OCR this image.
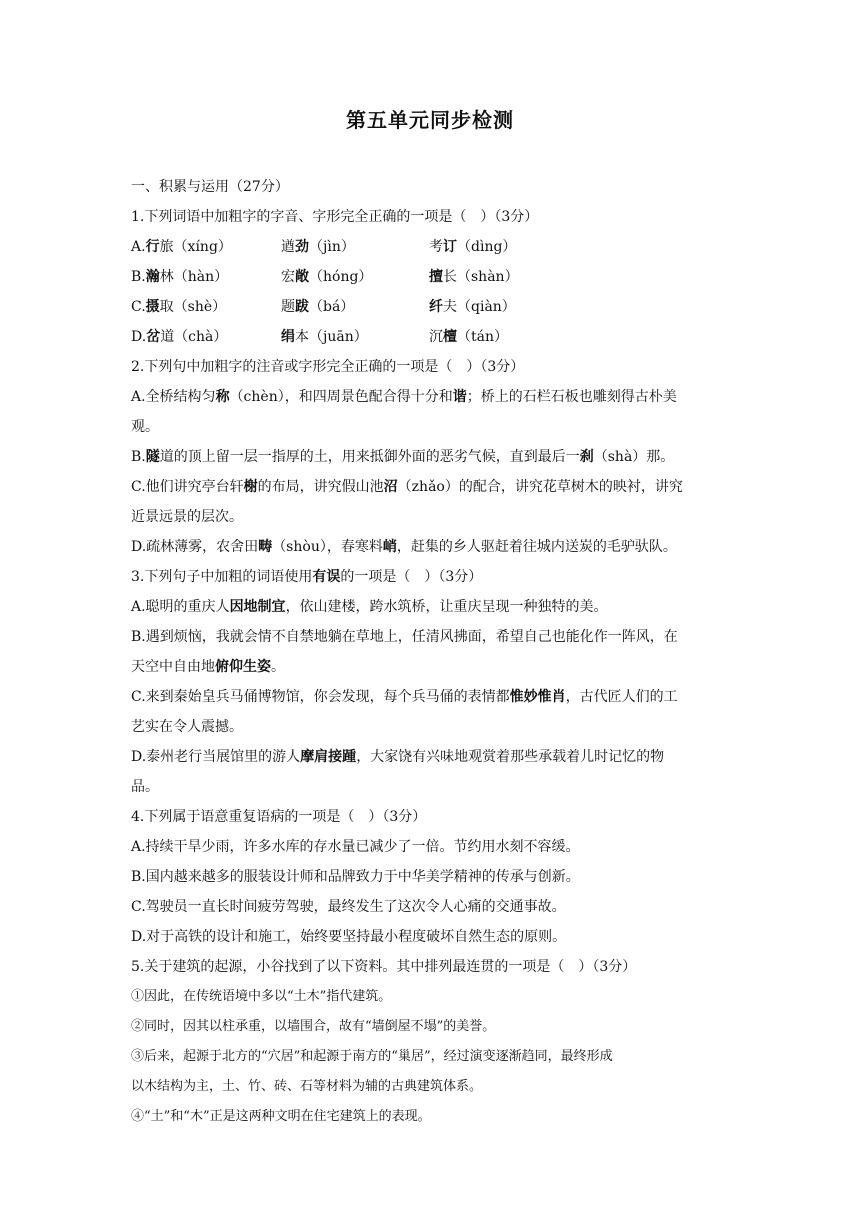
第五单元同步检测
一、积累与运用（27分）
1.下列词语中加粗字的字音、字形完全正确的一项是（　）（3分）
A.行旅（xíng）	遒劲（jìn）	考订（dìng）
B.瀚林（hàn）	宏敞（hóng）	擅长（shàn）
C.摄取（shè）	题跋（bá）	纤夫（qiàn）
D.岔道（chà）	绢本（juān）	沉檀（tán）
2.下列句中加粗字的注音或字形完全正确的一项是（　）（3分）
A.全桥结构匀称（chèn），和四周景色配合得十分和谐；桥上的石栏石板也雕刻得古朴美
观。
B.隧道的顶上留一层一指厚的土，用来抵御外面的恶劣气候，直到最后一刹（shà）那。
C.他们讲究亭台轩榭的布局，讲究假山池沼（zhǎo）的配合，讲究花草树木的映衬，讲究
近景远景的层次。
D.疏林薄雾，农舍田畴（shòu），春寒料峭，赶集的乡人驱赶着往城内送炭的毛驴驮队。
3.下列句子中加粗的词语使用有误的一项是（　）（3分）
A.聪明的重庆人因地制宜，依山建楼，跨水筑桥，让重庆呈现一种独特的美。
B.遇到烦恼，我就会情不自禁地躺在草地上，任清风拂面，希望自己也能化作一阵风，在
天空中自由地俯仰生姿。
C.来到秦始皇兵马俑博物馆，你会发现，每个兵马俑的表情都惟妙惟肖，古代匠人们的工
艺实在令人震撼。
D.泰州老行当展馆里的游人摩肩接踵，大家饶有兴味地观赏着那些承载着儿时记忆的物
品。
4.下列属于语意重复语病的一项是（　）（3分）
A.持续干旱少雨，许多水库的存水量已减少了一倍。节约用水刻不容缓。
B.国内越来越多的服装设计师和品牌致力于中华美学精神的传承与创新。
C.驾驶员一直长时间疲劳驾驶，最终发生了这次令人心痛的交通事故。
D.对于高铁的设计和施工，始终要坚持最小程度破坏自然生态的原则。
5.关于建筑的起源，小谷找到了以下资料。其中排列最连贯的一项是（　）（3分）
①因此，在传统语境中多以“土木”指代建筑。
②同时，因其以柱承重，以墙围合，故有“墙倒屋不塌”的美誉。
③后来，起源于北方的“穴居”和起源于南方的“巢居”，经过演变逐渐趋同，最终形成
以木结构为主，土、竹、砖、石等材料为辅的古典建筑体系。
④“土”和“木”正是这两种文明在住宅建筑上的表现。
